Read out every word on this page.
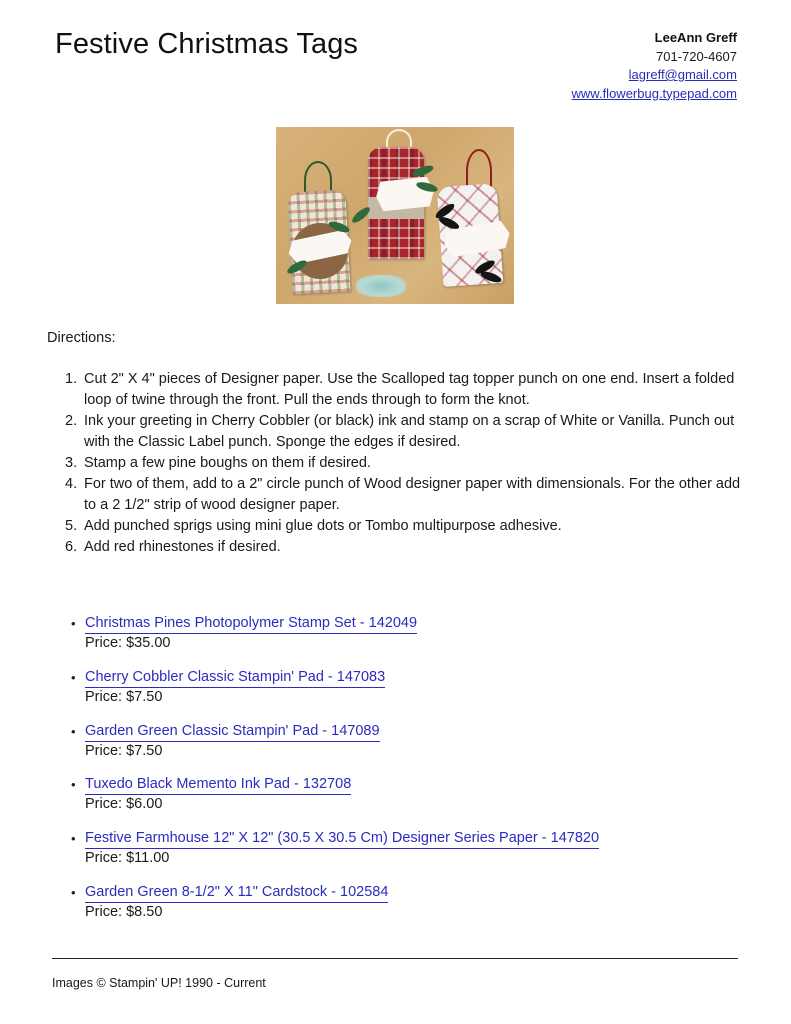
Festive Christmas Tags	LeeAnn Greff
701-720-4607
lagreff@gmail.com
www.flowerbug.typepad.com
Directions:
1. Cut 2" X 4" pieces of Designer paper. Use the Scalloped tag topper punch on one end. Insert a folded loop of twine through the front. Pull the ends through to form the knot.
2. Ink your greeting in Cherry Cobbler (or black) ink and stamp on a scrap of White or Vanilla. Punch out with the Classic Label punch. Sponge the edges if desired.
3. Stamp a few pine boughs on them if desired.
4. For two of them, add to a 2" circle punch of Wood designer paper with dimensionals. For the other add to a 2 1/2" strip of wood designer paper.
5. Add punched sprigs using mini glue dots or Tombo multipurpose adhesive.
6. Add red rhinestones if desired.
• Christmas Pines Photopolymer Stamp Set - 142049
Price: $35.00
• Cherry Cobbler Classic Stampin' Pad - 147083
Price: $7.50
• Garden Green Classic Stampin' Pad - 147089
Price: $7.50
• Tuxedo Black Memento Ink Pad - 132708
Price: $6.00
• Festive Farmhouse 12" X 12" (30.5 X 30.5 Cm) Designer Series Paper - 147820
Price: $11.00
• Garden Green 8-1/2" X 11" Cardstock - 102584
Price: $8.50
Images © Stampin' UP! 1990 - Current
